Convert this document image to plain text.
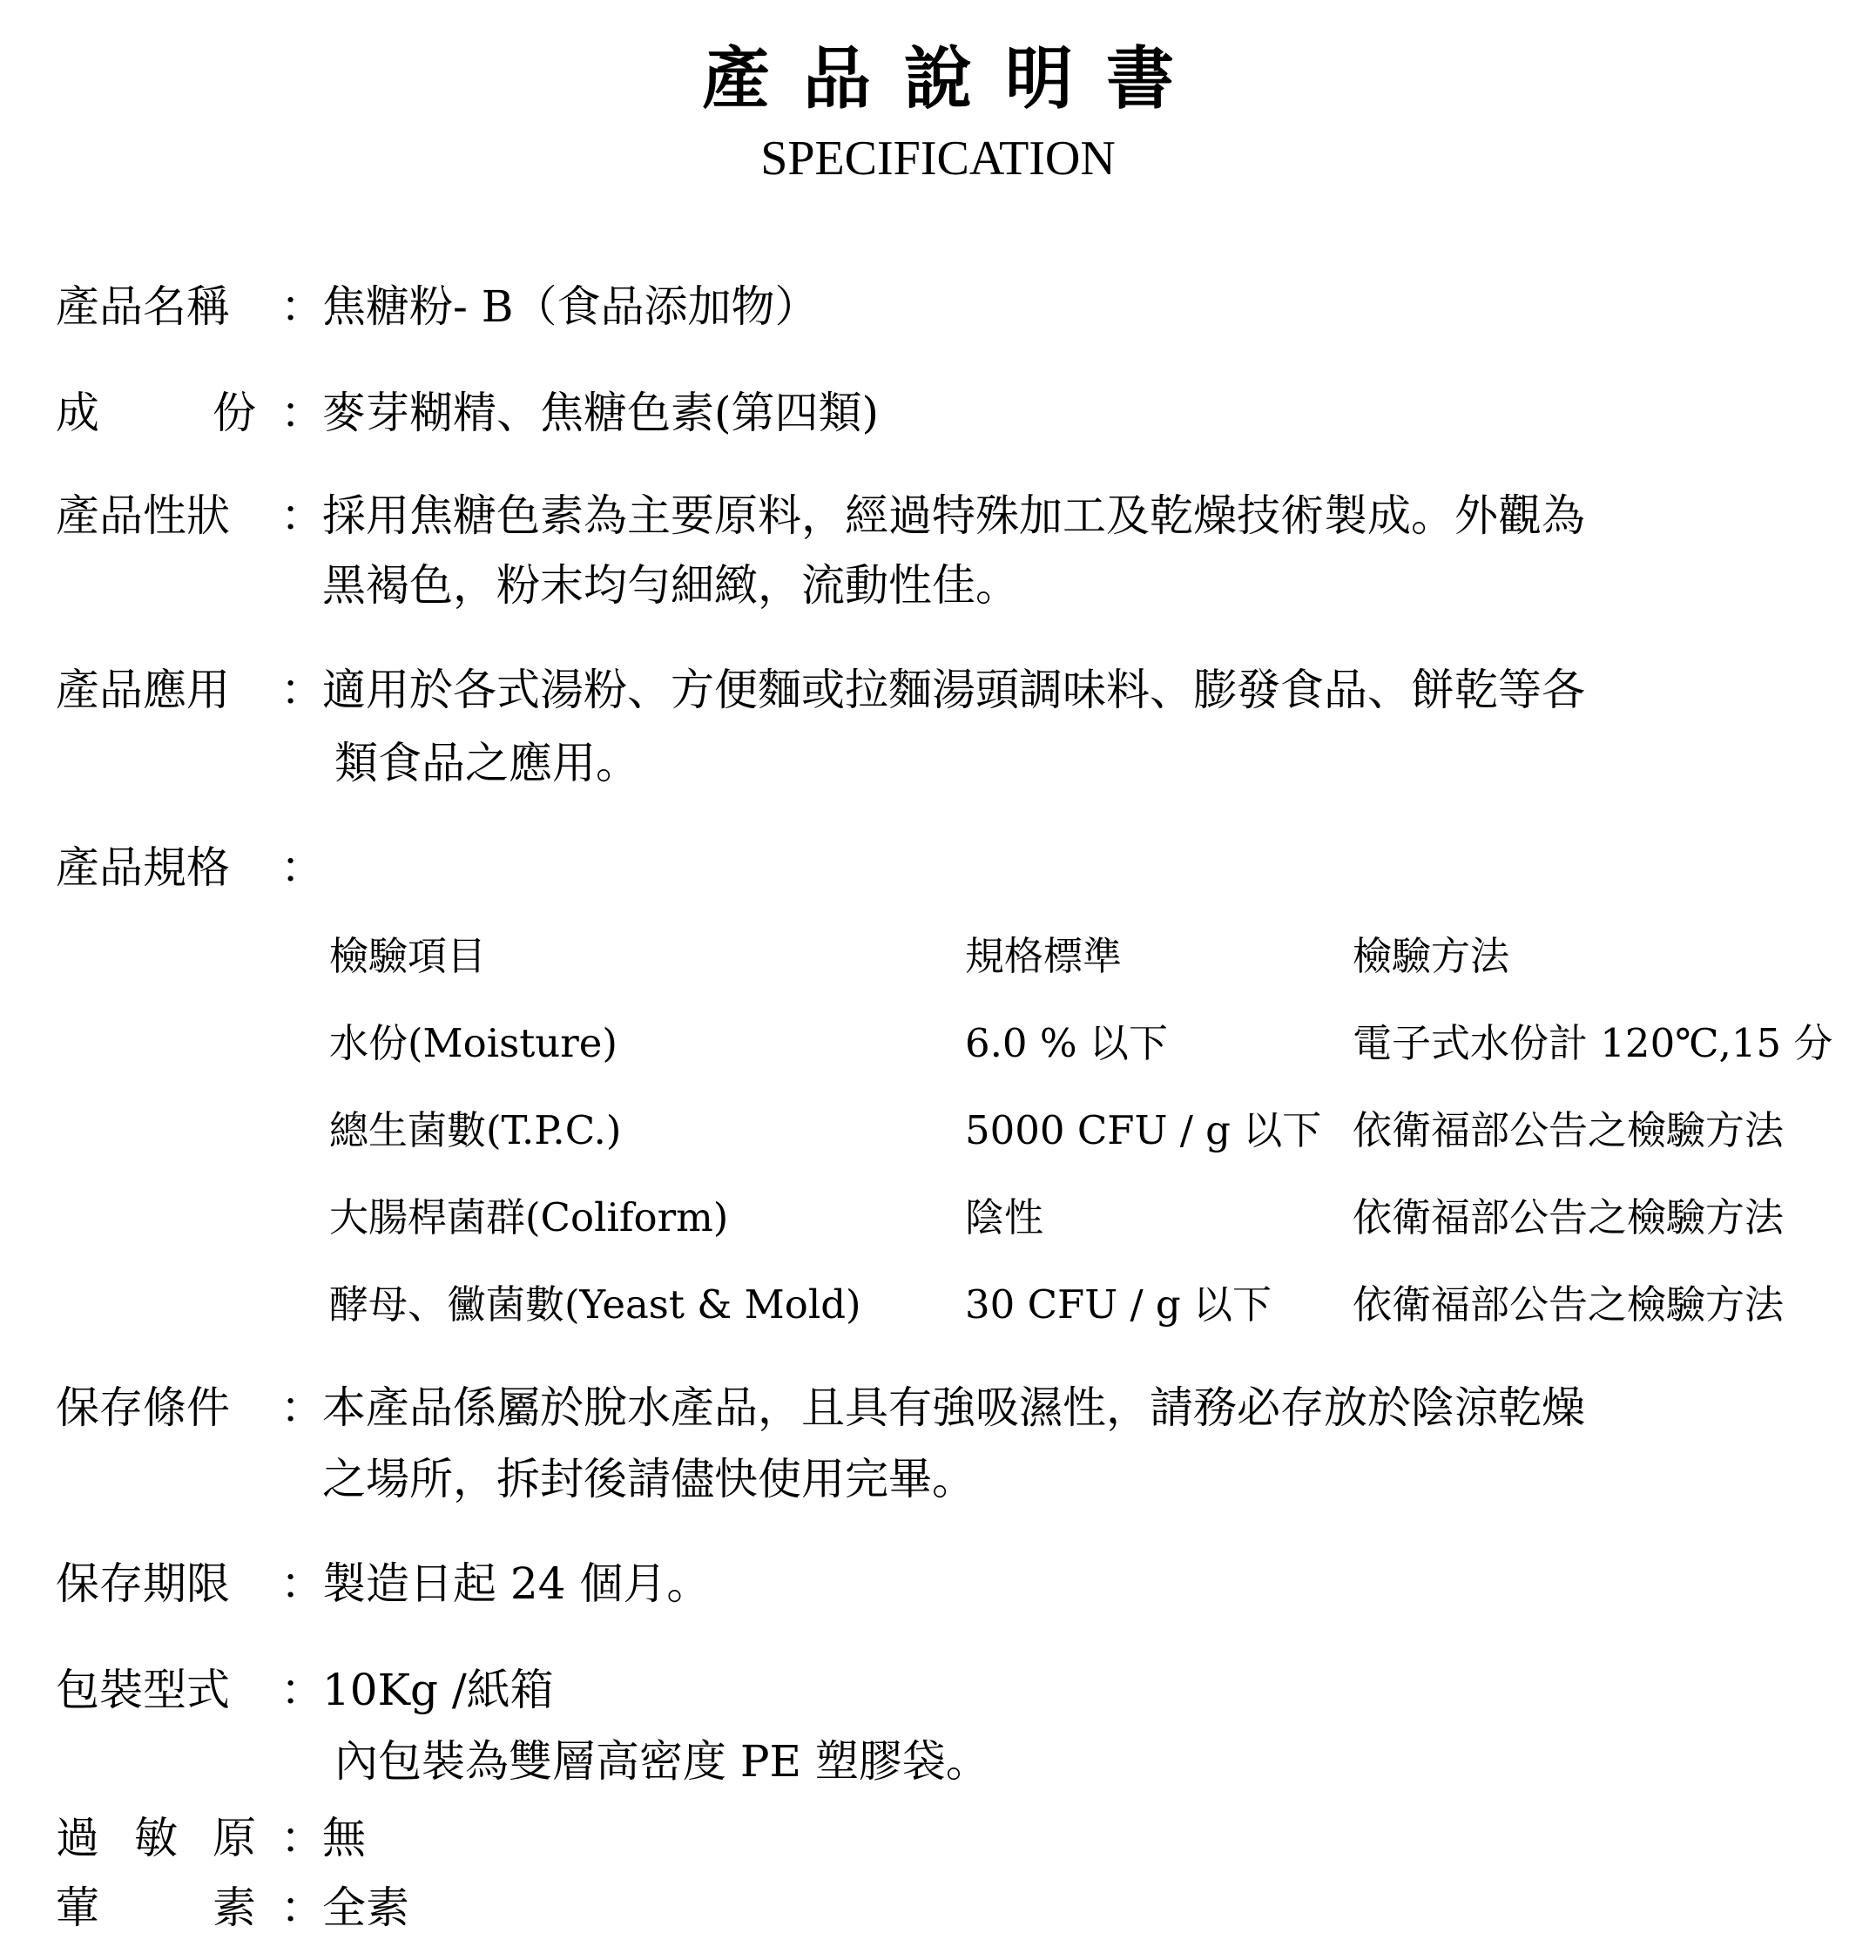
產品說明書
SPECIFICATION
產品名稱 ：
焦糖粉- B（食品添加物）
成	份 ：
麥芽糊精、焦糖色素(第四類)
產品性狀 ：
採用焦糖色素為主要原料，經過特殊加工及乾燥技術製成。外觀為
黑褐色，粉末均勻細緻，流動性佳。
產品應用 ：
適用於各式湯粉、方便麵或拉麵湯頭調味料、膨發食品、餅乾等各
類食品之應用。
產品規格 ：
檢驗項目	規格標準	檢驗方法
水份(Moisture)	6.0 % 以下	電子式水份計 120℃,15 分
總生菌數(T.P.C.)	5000 CFU / g 以下 依衛福部公告之檢驗方法
大腸桿菌群(Coliform)	陰性	依衛福部公告之檢驗方法
酵母、黴菌數(Yeast & Mold)	30 CFU / g 以下 依衛福部公告之檢驗方法
保存條件 ：
本產品係屬於脫水產品，且具有強吸濕性，請務必存放於陰涼乾燥
之場所，拆封後請儘快使用完畢。
保存期限 ：
製造日起 24 個月。
包裝型式 ：
10Kg /紙箱
內包裝為雙層高密度 PE 塑膠袋。
過 敏 原 ：
無
葷	素 ：
全素
